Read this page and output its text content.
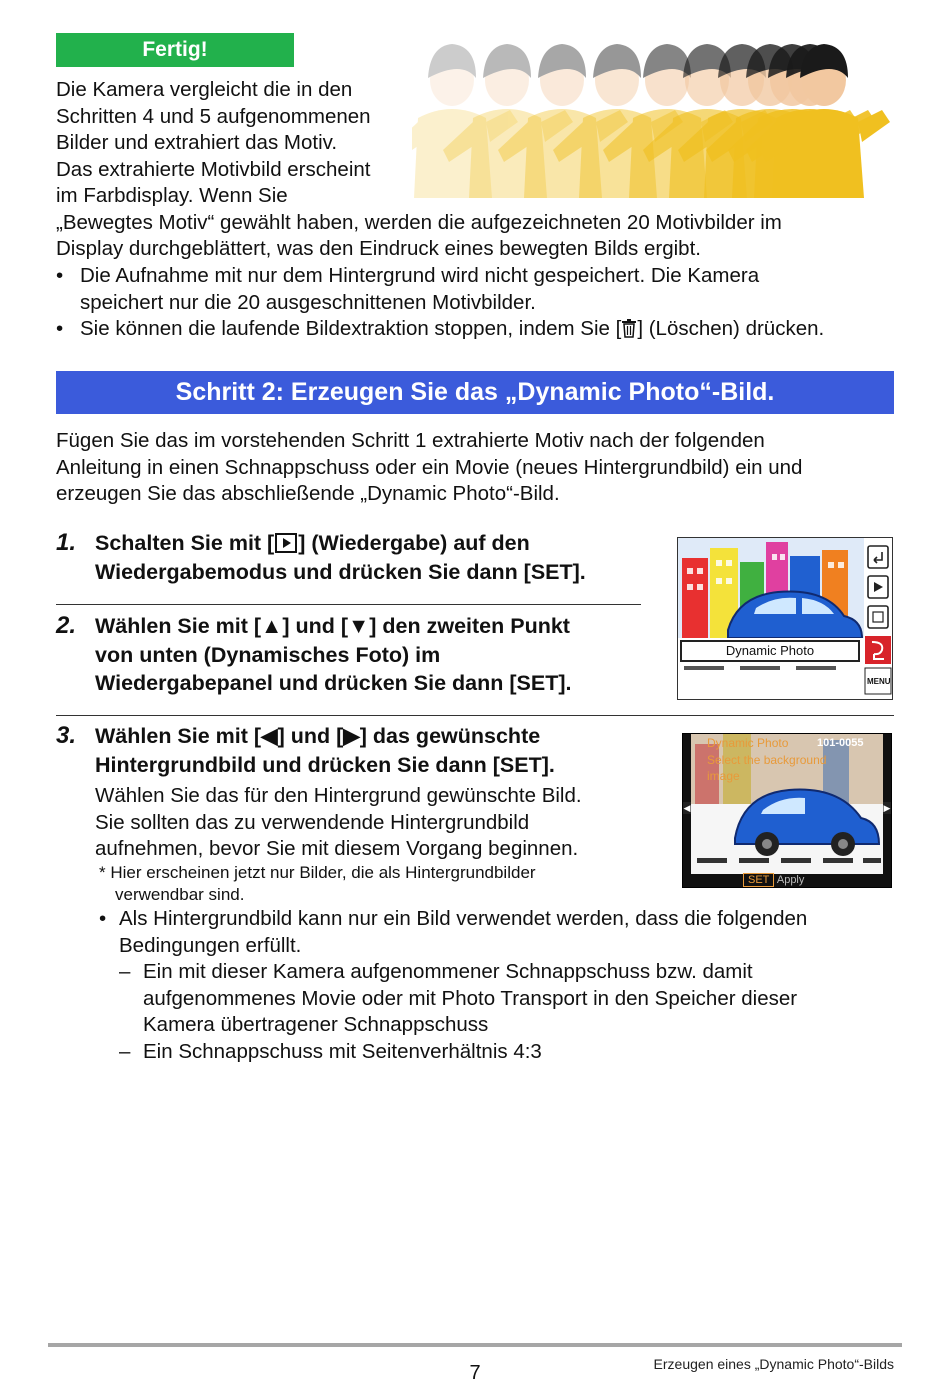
Fertig!
Die Kamera vergleicht die in den
Schritten 4 und 5 aufgenommenen
Bilder und extrahiert das Motiv.
Das extrahierte Motivbild erscheint
im Farbdisplay. Wenn Sie
„Bewegtes Motiv“ gewählt haben, werden die aufgezeichneten 20 Motivbilder im
Display durchgeblättert, was den Eindruck eines bewegten Bilds ergibt.
• Die Aufnahme mit nur dem Hintergrund wird nicht gespeichert. Die Kamera
speichert nur die 20 ausgeschnittenen Motivbilder.
• Sie können die laufende Bildextraktion stoppen, indem Sie [ ] (Löschen) drücken.
Schritt 2: Erzeugen Sie das „Dynamic Photo“-Bild.
Fügen Sie das im vorstehenden Schritt 1 extrahierte Motiv nach der folgenden
Anleitung in einen Schnappschuss oder ein Movie (neues Hintergrundbild) ein und
erzeugen Sie das abschließende „Dynamic Photo“-Bild.
1. Schalten Sie mit [ ] (Wiedergabe) auf den
Wiedergabemodus und drücken Sie dann [SET].
2. Wählen Sie mit [▲] und [▼] den zweiten Punkt
von unten (Dynamisches Foto) im
Wiedergabepanel und drücken Sie dann [SET].
Dynamic Photo
MENU
3. Wählen Sie mit [◀] und [▶] das gewünschte
Hintergrundbild und drücken Sie dann [SET].
Wählen Sie das für den Hintergrund gewünschte Bild.
Sie sollten das zu verwendende Hintergrundbild
aufnehmen, bevor Sie mit diesem Vorgang beginnen.
* Hier erscheinen jetzt nur Bilder, die als Hintergrundbilder
verwendbar sind.
◀	▶
Dynamic Photo	101-0055
Select the background
image
SET Apply
• Als Hintergrundbild kann nur ein Bild verwendet werden, dass die folgenden
Bedingungen erfüllt.
– Ein mit dieser Kamera aufgenommener Schnappschuss bzw. damit
aufgenommenes Movie oder mit Photo Transport in den Speicher dieser
Kamera übertragener Schnappschuss
– Ein Schnappschuss mit Seitenverhältnis 4:3
7	Erzeugen eines „Dynamic Photo“-Bilds
